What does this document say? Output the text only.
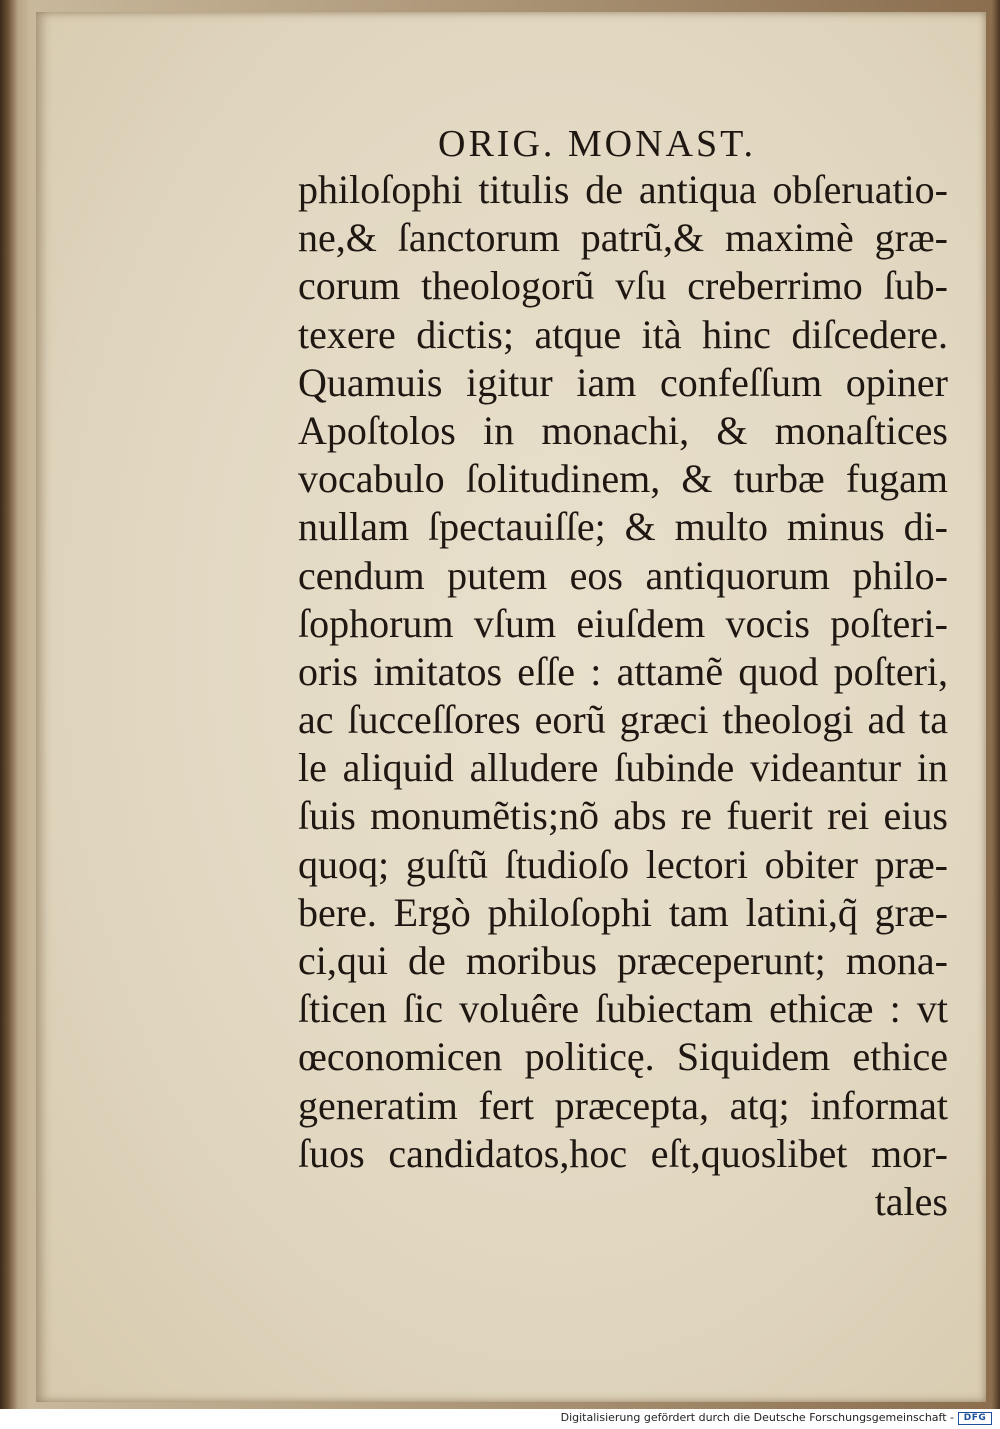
ORIG. MONAST.
philoſophi titulis de antiqua obſeruatio-
ne,& ſanctorum patrũ,& maximè græ-
corum theologorũ vſu creberrimo ſub-
texere dictis; atque ità hinc diſcedere.
Quamuis igitur iam confeſſum opiner
Apoſtolos in monachi, & monaſtices
vocabulo ſolitudinem, & turbæ fugam
nullam ſpectauiſſe; & multo minus di-
cendum putem eos antiquorum philo-
ſophorum vſum eiuſdem vocis poſteri-
oris imitatos eſſe : attamẽ quod poſteri,
ac ſucceſſores eorũ græci theologi ad ta
le aliquid alludere ſubinde videantur in
ſuis monumẽtis;nõ abs re fuerit rei eius
quoq; guſtũ ſtudioſo lectori obiter præ-
bere. Ergò philoſophi tam latini,q̃ græ-
ci,qui de moribus præceperunt; mona-
ſticen ſic voluêre ſubiectam ethicæ : vt
œconomicen politicę. Siquidem ethice
generatim fert præcepta, atq; informat
ſuos candidatos,hoc eſt,quoslibet mor-
tales
Digitalisierung gefördert durch die Deutsche Forschungsgemeinschaft -	DFG
